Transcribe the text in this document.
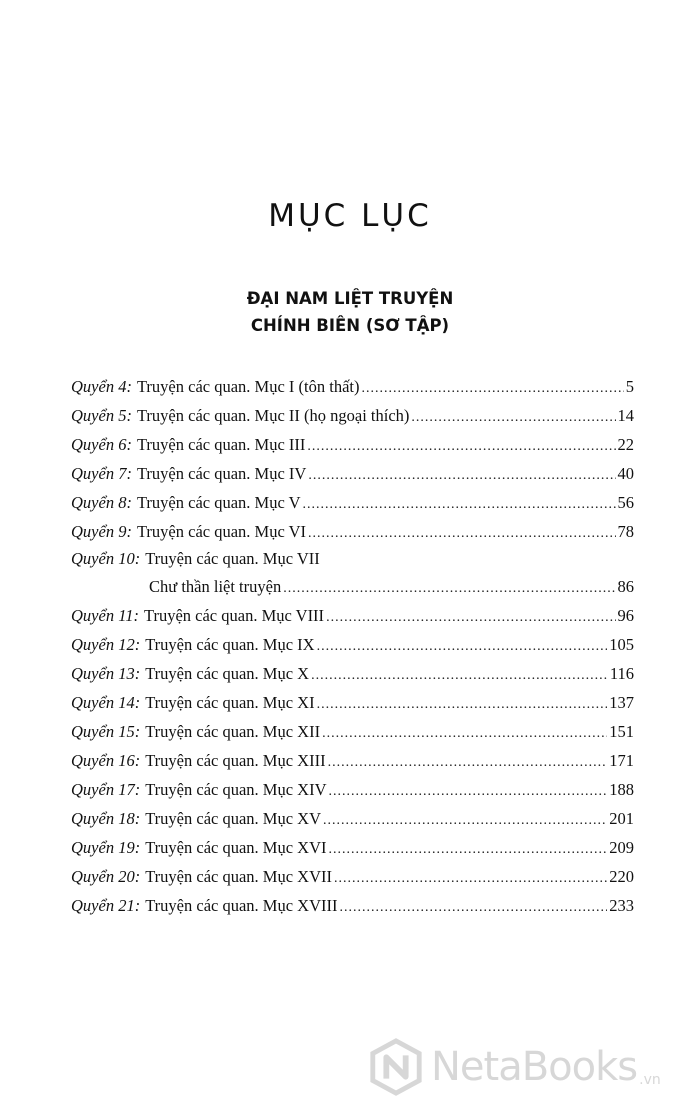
MỤC LỤC
ĐẠI NAM LIỆT TRUYỆN
CHÍNH BIÊN (SƠ TẬP)
Quyển 4: Truyện các quan. Mục I (tôn thất) .....	5
Quyển 5: Truyện các quan. Mục II (họ ngoại thích) .....	14
Quyển 6: Truyện các quan. Mục III .....	22
Quyển 7: Truyện các quan. Mục IV .....	40
Quyển 8: Truyện các quan. Mục V .....	56
Quyển 9: Truyện các quan. Mục VI .....	78
Quyển 10: Truyện các quan. Mục VII
Chư thần liệt truyện .....	86
Quyển 11: Truyện các quan. Mục VIII .....	96
Quyển 12: Truyện các quan. Mục IX .....	105
Quyển 13: Truyện các quan. Mục X .....	116
Quyển 14: Truyện các quan. Mục XI .....	137
Quyển 15: Truyện các quan. Mục XII .....	151
Quyển 16: Truyện các quan. Mục XIII .....	171
Quyển 17: Truyện các quan. Mục XIV .....	188
Quyển 18: Truyện các quan. Mục XV .....	201
Quyển 19: Truyện các quan. Mục XVI .....	209
Quyển 20: Truyện các quan. Mục XVII .....	220
Quyển 21: Truyện các quan. Mục XVIII .....	233
NetaBooks .vn
